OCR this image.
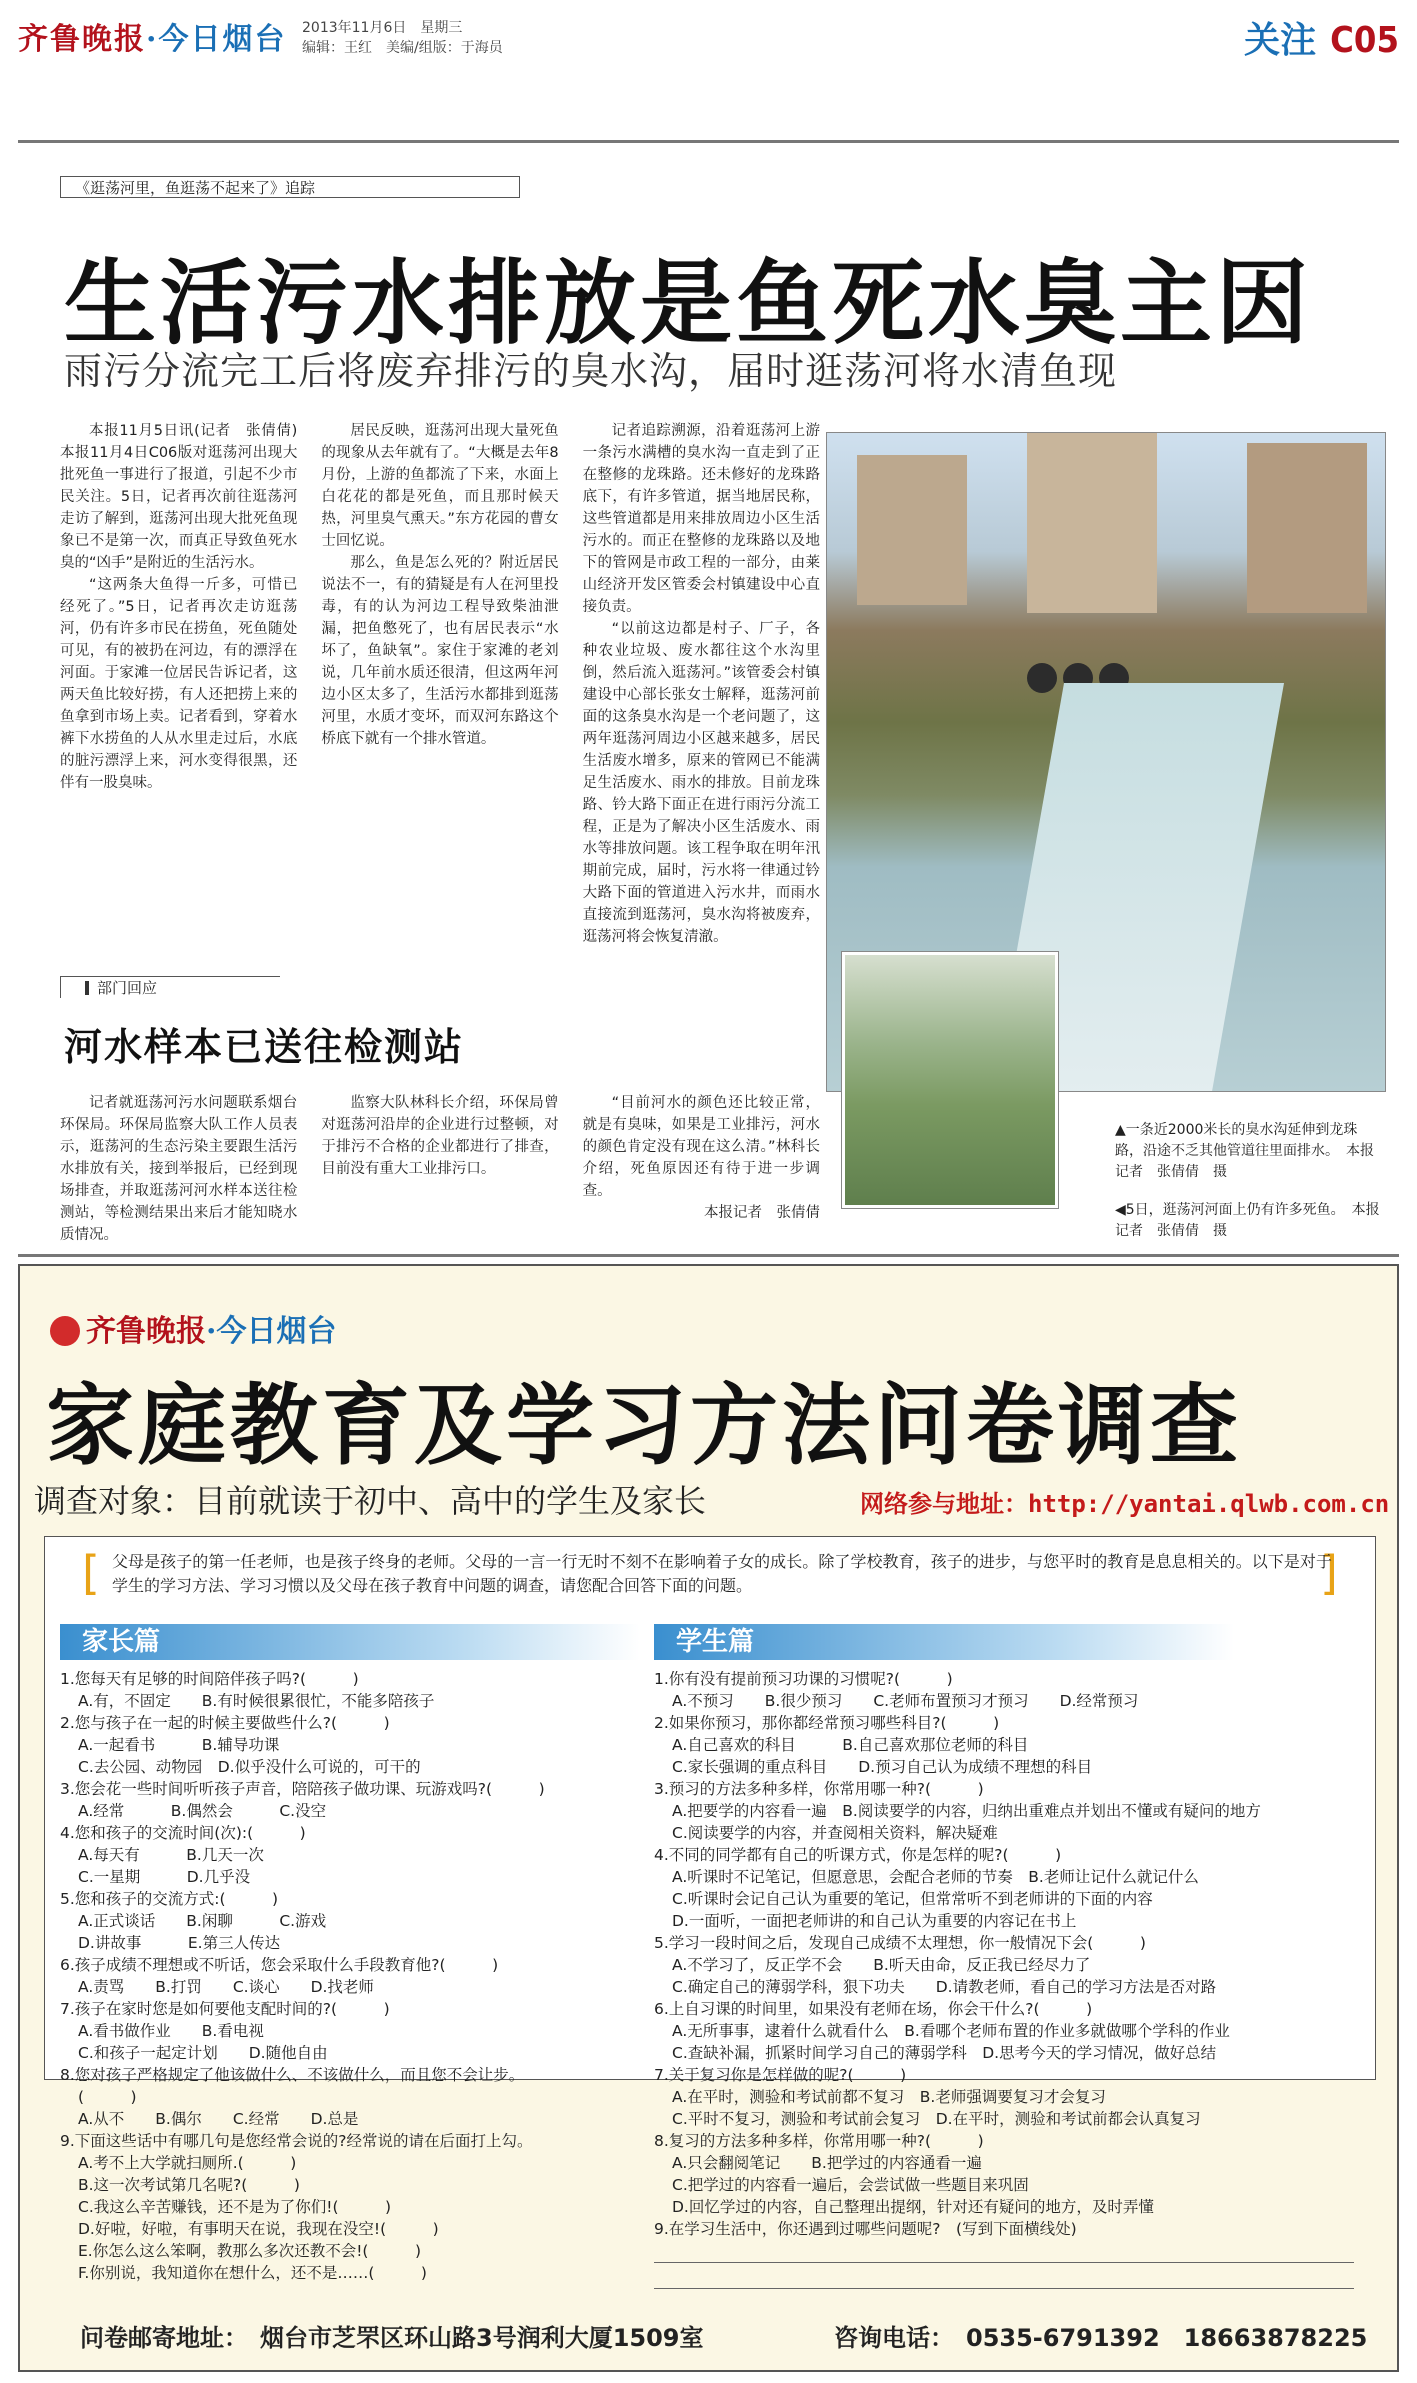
齐鲁晚报·今日烟台 2013年11月6日　星期三
编辑：王红　美编/组版：于海员	关注 C05
《逛荡河里，鱼逛荡不起来了》追踪
生活污水排放是鱼死水臭主因
雨污分流完工后将废弃排污的臭水沟，届时逛荡河将水清鱼现

本报11月5日讯(记者　张倩倩)　本报11月4日C06版对逛荡河出现大批死鱼一事进行了报道，引起不少市民关注。5日，记者再次前往逛荡河走访了解到，逛荡河出现大批死鱼现象已不是第一次，而真正导致鱼死水臭的“凶手”是附近的生活污水。

“这两条大鱼得一斤多，可惜已经死了。”5日，记者再次走访逛荡河，仍有许多市民在捞鱼，死鱼随处可见，有的被扔在河边，有的漂浮在河面。于家滩一位居民告诉记者，这两天鱼比较好捞，有人还把捞上来的鱼拿到市场上卖。记者看到，穿着水裤下水捞鱼的人从水里走过后，水底的脏污漂浮上来，河水变得很黑，还伴有一股臭味。

居民反映，逛荡河出现大量死鱼的现象从去年就有了。“大概是去年8月份，上游的鱼都流了下来，水面上白花花的都是死鱼，而且那时候天热，河里臭气熏天。”东方花园的曹女士回忆说。

那么，鱼是怎么死的？附近居民说法不一，有的猜疑是有人在河里投毒，有的认为河边工程导致柴油泄漏，把鱼憋死了，也有居民表示“水坏了，鱼缺氧”。家住于家滩的老刘说，几年前水质还很清，但这两年河边小区太多了，生活污水都排到逛荡河里，水质才变坏，而双河东路这个桥底下就有一个排水管道。

记者追踪溯源，沿着逛荡河上游一条污水满槽的臭水沟一直走到了正在整修的龙珠路。还未修好的龙珠路底下，有许多管道，据当地居民称，这些管道都是用来排放周边小区生活污水的。而正在整修的龙珠路以及地下的管网是市政工程的一部分，由莱山经济开发区管委会村镇建设中心直接负责。

“以前这边都是村子、厂子，各种农业垃圾、废水都往这个水沟里倒，然后流入逛荡河。”该管委会村镇建设中心部长张女士解释，逛荡河前面的这条臭水沟是一个老问题了，这两年逛荡河周边小区越来越多，居民生活废水增多，原来的管网已不能满足生活废水、雨水的排放。目前龙珠路、钤大路下面正在进行雨污分流工程，正是为了解决小区生活废水、雨水等排放问题。该工程争取在明年汛期前完成，届时，污水将一律通过钤大路下面的管道进入污水井，而雨水直接流到逛荡河，臭水沟将被废弃，逛荡河将会恢复清澈。

▲一条近2000米长的臭水沟延伸到龙珠路，沿途不乏其他管道往里面排水。　本报记者　张倩倩　摄
◀5日，逛荡河河面上仍有许多死鱼。　本报记者　张倩倩　摄
部门回应
河水样本已送往检测站

记者就逛荡河污水问题联系烟台环保局。环保局监察大队工作人员表示，逛荡河的生态污染主要跟生活污水排放有关，接到举报后，已经到现场排查，并取逛荡河河水样本送往检测站，等检测结果出来后才能知晓水质情况。

监察大队林科长介绍，环保局曾对逛荡河沿岸的企业进行过整顿，对于排污不合格的企业都进行了排查，目前没有重大工业排污口。

“目前河水的颜色还比较正常，就是有臭味，如果是工业排污，河水的颜色肯定没有现在这么清。”林科长介绍，死鱼原因还有待于进一步调查。

本报记者　张倩倩

齐鲁晚报·今日烟台
家庭教育及学习方法问卷调查
调查对象：目前就读于初中、高中的学生及家长	网络参与地址：http://yantai.qlwb.com.cn
[	]
父母是孩子的第一任老师，也是孩子终身的老师。父母的一言一行无时不刻不在影响着子女的成长。除了学校教育，孩子的进步，与您平时的教育是息息相关的。以下是对于学生的学习方法、学习习惯以及父母在孩子教育中问题的调查，请您配合回答下面的问题。
家长篇	学生篇

1.您每天有足够的时间陪伴孩子吗?(　　　)

A.有，不固定　　B.有时候很累很忙，不能多陪孩子

2.您与孩子在一起的时候主要做些什么?(　　　)

A.一起看书　　　B.辅导功课

C.去公园、动物园　D.似乎没什么可说的，可干的

3.您会花一些时间听听孩子声音，陪陪孩子做功课、玩游戏吗?(　　　)

A.经常　　　B.偶然会　　　C.没空

4.您和孩子的交流时间(次):(　　　)

A.每天有　　　B.几天一次

C.一星期　　　D.几乎没

5.您和孩子的交流方式:(　　　)

A.正式谈话　　B.闲聊　　　C.游戏

D.讲故事　　　E.第三人传达

6.孩子成绩不理想或不听话，您会采取什么手段教育他?(　　　)

A.责骂　　B.打罚　　C.谈心　　D.找老师

7.孩子在家时您是如何要他支配时间的?(　　　)

A.看书做作业　　B.看电视

C.和孩子一起定计划　　D.随他自由

8.您对孩子严格规定了他该做什么、不该做什么，而且您不会让步。

(　　　)

A.从不　　B.偶尔　　C.经常　　D.总是

9.下面这些话中有哪几句是您经常会说的?经常说的请在后面打上勾。

A.考不上大学就扫厕所.(　　　)

B.这一次考试第几名呢?(　　　)

C.我这么辛苦赚钱，还不是为了你们!(　　　)

D.好啦，好啦，有事明天在说，我现在没空!(　　　)

E.你怎么这么笨啊，教那么多次还教不会!(　　　)

F.你别说，我知道你在想什么，还不是……(　　　)

1.你有没有提前预习功课的习惯呢?(　　　)

A.不预习　　B.很少预习　　C.老师布置预习才预习　　D.经常预习

2.如果你预习，那你都经常预习哪些科目?(　　　)

A.自己喜欢的科目　　　B.自己喜欢那位老师的科目

C.家长强调的重点科目　　D.预习自己认为成绩不理想的科目

3.预习的方法多种多样，你常用哪一种?(　　　)

A.把要学的内容看一遍　B.阅读要学的内容，归纳出重难点并划出不懂或有疑问的地方

C.阅读要学的内容，并查阅相关资料，解决疑难

4.不同的同学都有自己的听课方式，你是怎样的呢?(　　　)

A.听课时不记笔记，但愿意思，会配合老师的节奏　B.老师让记什么就记什么

C.听课时会记自己认为重要的笔记，但常常听不到老师讲的下面的内容

D.一面听，一面把老师讲的和自己认为重要的内容记在书上

5.学习一段时间之后，发现自己成绩不太理想，你一般情况下会(　　　)

A.不学习了，反正学不会　　B.听天由命，反正我已经尽力了

C.确定自己的薄弱学科，狠下功夫　　D.请教老师，看自己的学习方法是否对路

6.上自习课的时间里，如果没有老师在场，你会干什么?(　　　)

A.无所事事，逮着什么就看什么　B.看哪个老师布置的作业多就做哪个学科的作业

C.查缺补漏，抓紧时间学习自己的薄弱学科　D.思考今天的学习情况，做好总结

7.关于复习你是怎样做的呢?(　　　)

A.在平时，测验和考试前都不复习　B.老师强调要复习才会复习

C.平时不复习，测验和考试前会复习　D.在平时，测验和考试前都会认真复习

8.复习的方法多种多样，你常用哪一种?(　　　)

A.只会翻阅笔记　　B.把学过的内容通看一遍

C.把学过的内容看一遍后，会尝试做一些题目来巩固

D.回忆学过的内容，自己整理出提纲，针对还有疑问的地方，及时弄懂

9.在学习生活中，你还遇到过哪些问题呢?　(写到下面横线处)

问卷邮寄地址：　烟台市芝罘区环山路3号润利大厦1509室	咨询电话：　0535-6791392　18663878225
